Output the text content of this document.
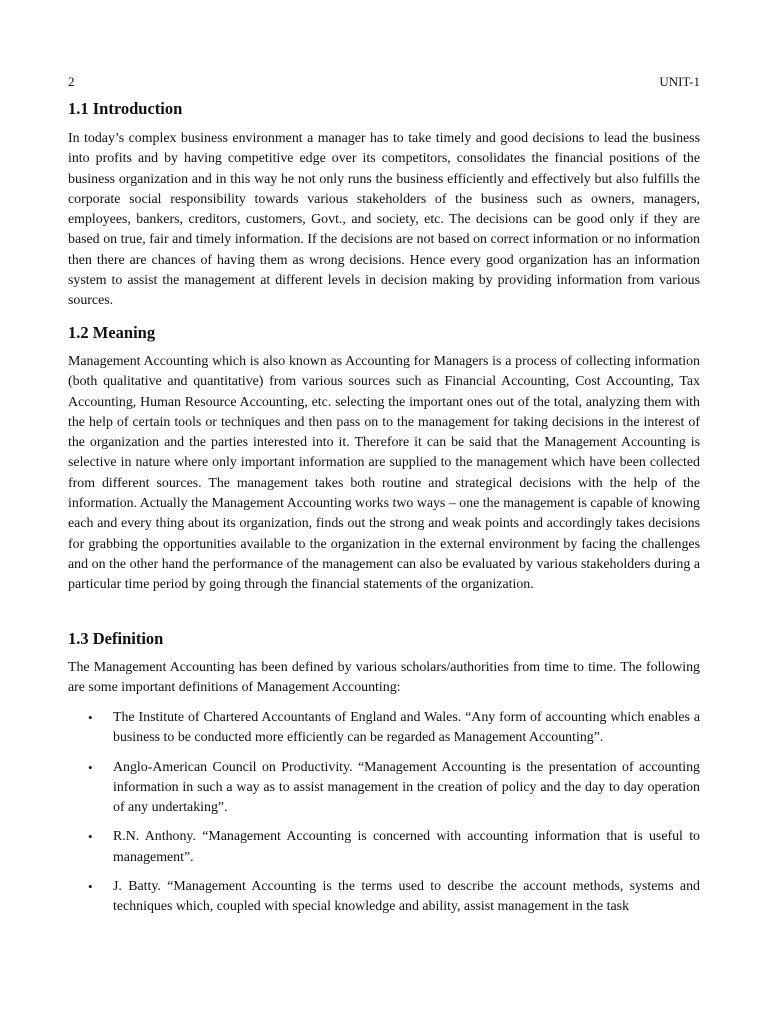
2	UNIT-1
1.1 Introduction

In today’s complex business environment a manager has to take timely and good decisions to lead the business into profits and by having competitive edge over its competitors, consolidates the financial positions of the business organization and in this way he not only runs the business efficiently and effectively but also fulfills the corporate social responsibility towards various stakeholders of the business such as owners, managers, employees, bankers, creditors, customers, Govt., and society, etc. The decisions can be good only if they are based on true, fair and timely information. If the decisions are not based on correct information or no information then there are chances of having them as wrong decisions. Hence every good organization has an information system to assist the management at different levels in decision making by providing information from various sources.

1.2 Meaning

Management Accounting which is also known as Accounting for Managers is a process of collecting information (both qualitative and quantitative) from various sources such as Financial Accounting, Cost Accounting, Tax Accounting, Human Resource Accounting, etc. selecting the important ones out of the total, analyzing them with the help of certain tools or techniques and then pass on to the management for taking decisions in the interest of the organization and the parties interested into it. Therefore it can be said that the Management Accounting is selective in nature where only important information are supplied to the management which have been collected from different sources. The management takes both routine and strategical decisions with the help of the information. Actually the Management Accounting works two ways – one the management is capable of knowing each and every thing about its organization, finds out the strong and weak points and accordingly takes decisions for grabbing the opportunities available to the organization in the external environment by facing the challenges and on the other hand the performance of the management can also be evaluated by various stakeholders during a particular time period by going through the financial statements of the organization.

1.3 Definition

The Management Accounting has been defined by various scholars/authorities from time to time. The following are some important definitions of Management Accounting:

• The Institute of Chartered Accountants of England and Wales. “Any form of accounting which enables a business to be conducted more efficiently can be regarded as Management Accounting”.
• Anglo-American Council on Productivity. “Management Accounting is the presentation of accounting information in such a way as to assist management in the creation of policy and the day to day operation of any undertaking”.
• R.N. Anthony. “Management Accounting is concerned with accounting information that is useful to management”.
• J. Batty. “Management Accounting is the terms used to describe the account methods, systems and techniques which, coupled with special knowledge and ability, assist management in the task
